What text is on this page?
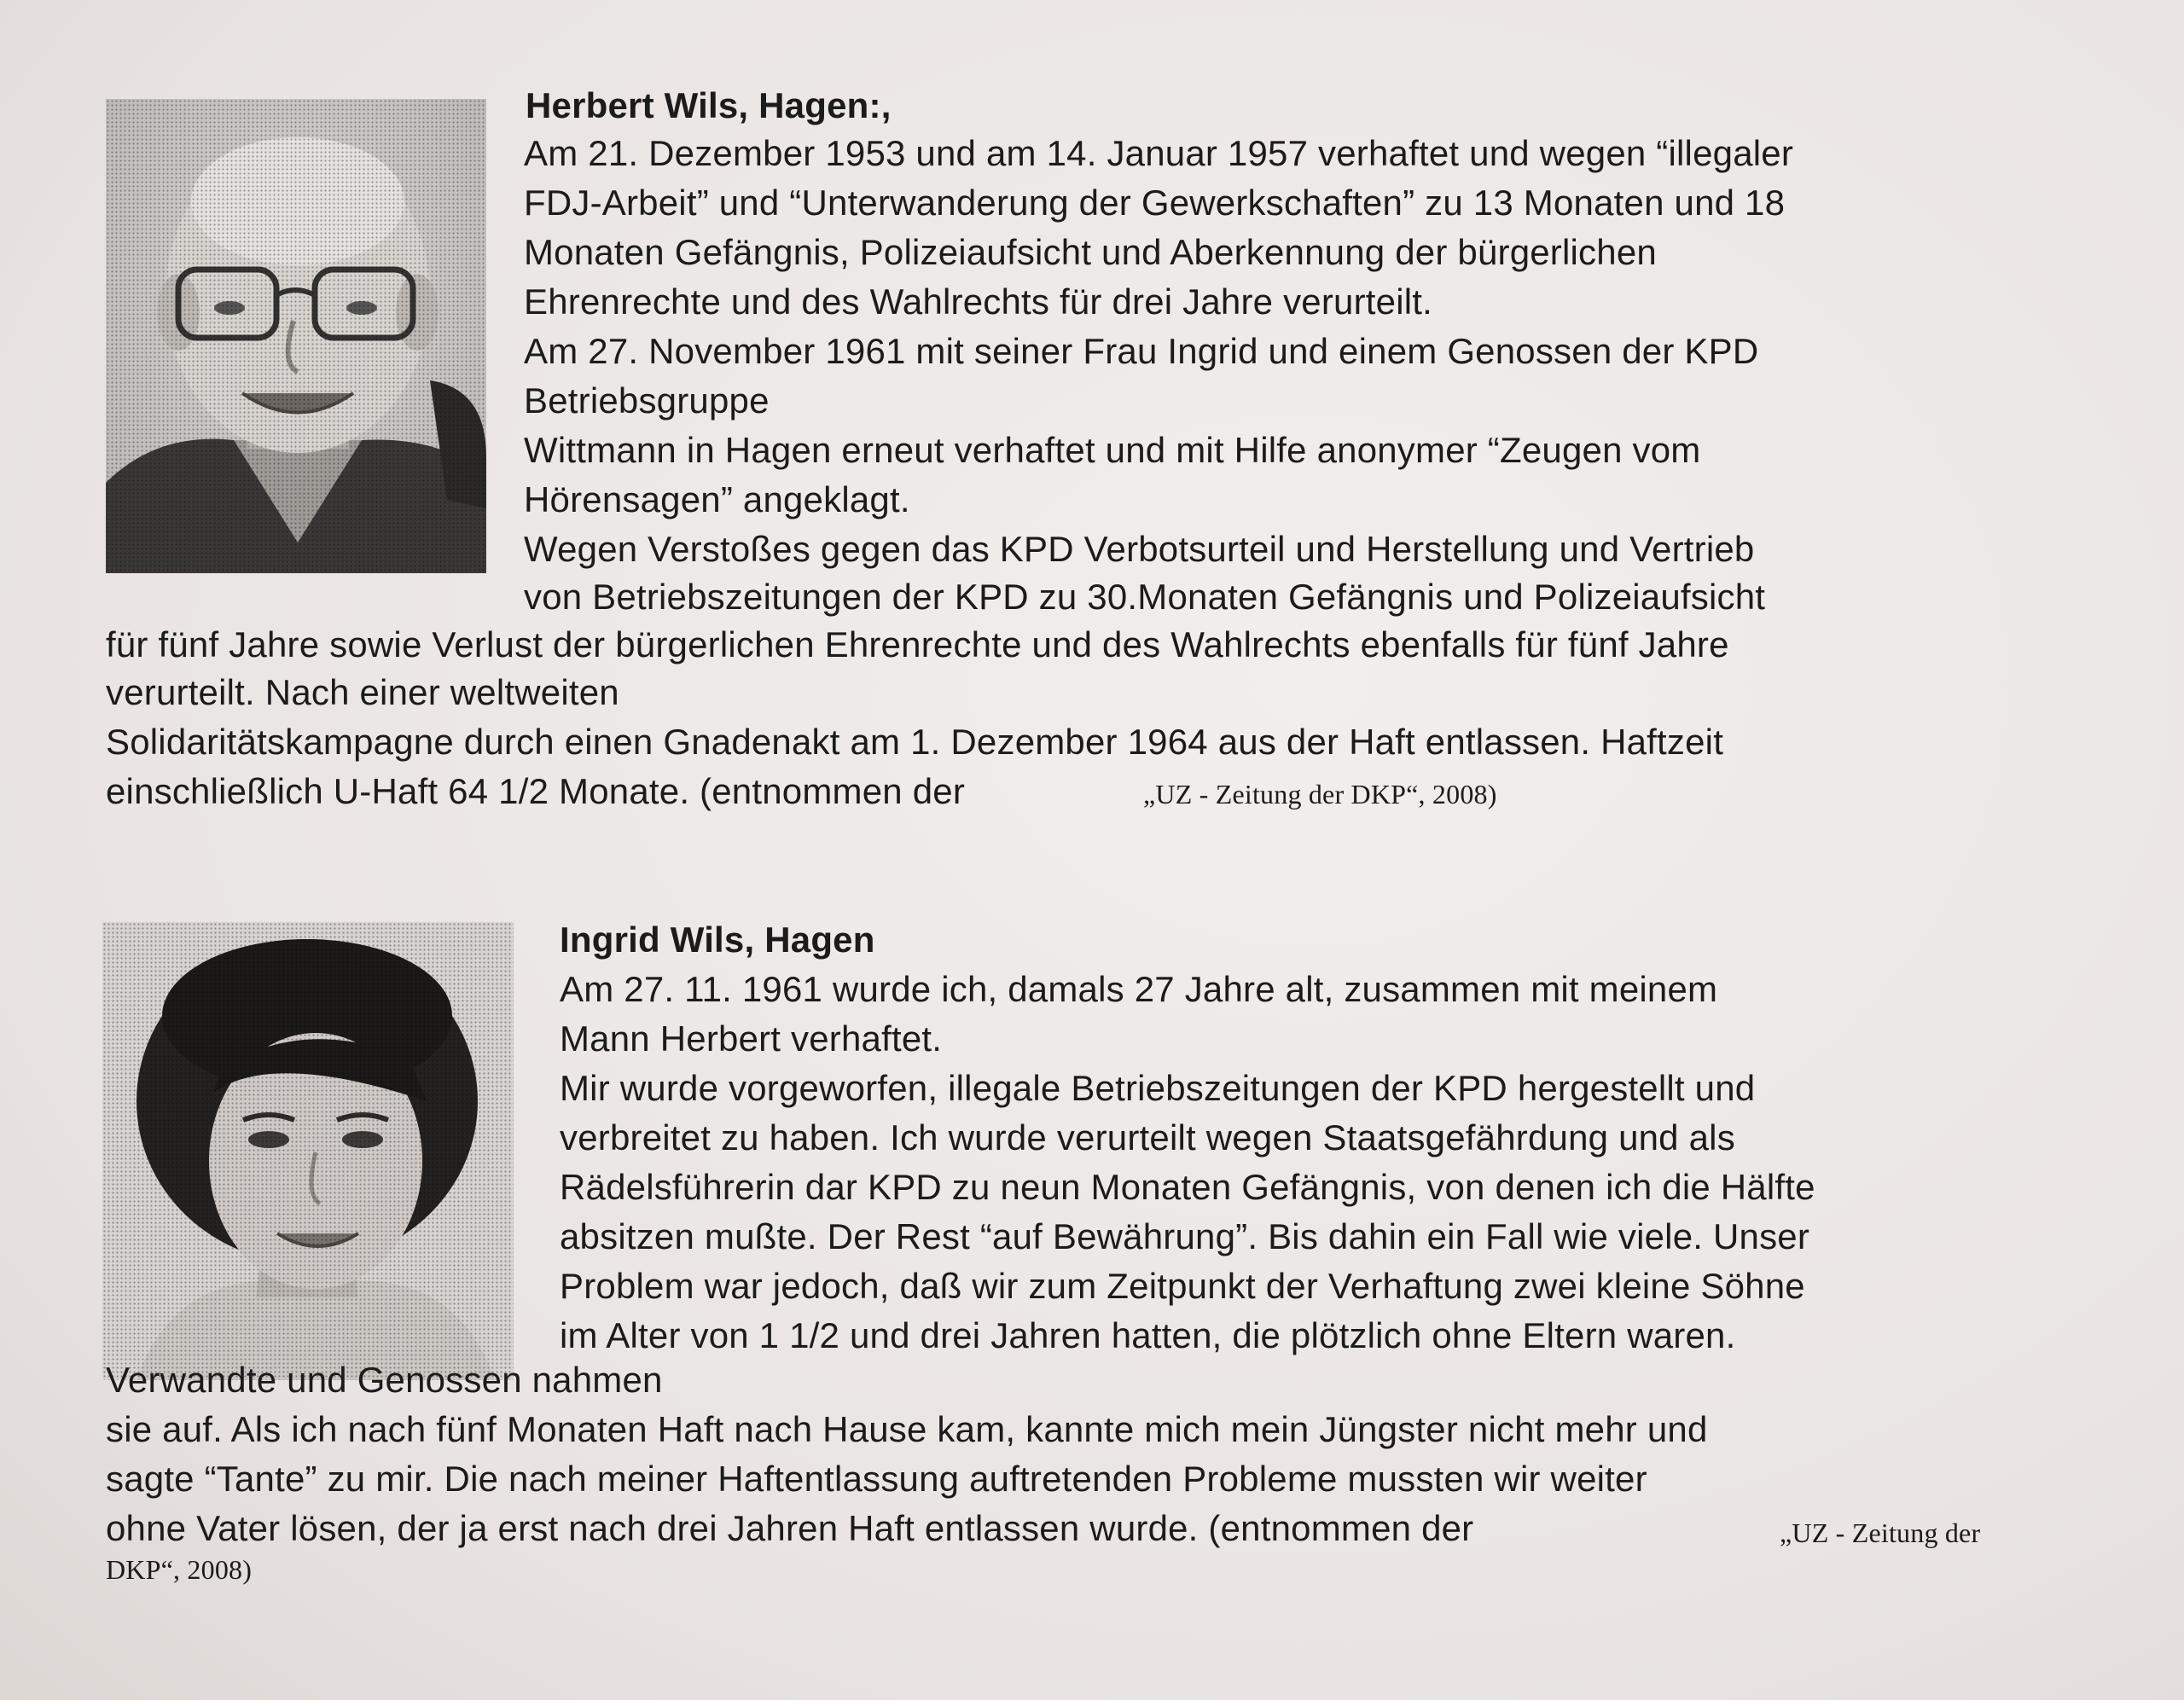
Herbert Wils, Hagen:,
Am 21. Dezember 1953 und am 14. Januar 1957 verhaftet und wegen “illegaler
FDJ-Arbeit” und “Unterwanderung der Gewerkschaften” zu 13 Monaten und 18
Monaten Gefängnis, Polizeiaufsicht und Aberkennung der bürgerlichen
Ehrenrechte und des Wahlrechts für drei Jahre verurteilt.
Am 27. November 1961 mit seiner Frau Ingrid und einem Genossen der KPD
Betriebsgruppe
Wittmann in Hagen erneut verhaftet und mit Hilfe anonymer “Zeugen vom
Hörensagen” angeklagt.
Wegen Verstoßes gegen das KPD Verbotsurteil und Herstellung und Vertrieb
von Betriebszeitungen der KPD zu 30.Monaten Gefängnis und Polizeiaufsicht
für fünf Jahre sowie Verlust der bürgerlichen Ehrenrechte und des Wahlrechts ebenfalls für fünf Jahre
verurteilt. Nach einer weltweiten
Solidaritätskampagne durch einen Gnadenakt am 1. Dezember 1964 aus der Haft entlassen. Haftzeit
einschließlich U-Haft 64 1/2 Monate. (entnommen der	„UZ - Zeitung der DKP“, 2008)
Ingrid Wils, Hagen
Am 27. 11. 1961 wurde ich, damals 27 Jahre alt, zusammen mit meinem
Mann Herbert verhaftet.
Mir wurde vorgeworfen, illegale Betriebszeitungen der KPD hergestellt und
verbreitet zu haben. Ich wurde verurteilt wegen Staatsgefährdung und als
Rädelsführerin dar KPD zu neun Monaten Gefängnis, von denen ich die Hälfte
absitzen mußte. Der Rest “auf Bewährung”. Bis dahin ein Fall wie viele. Unser
Problem war jedoch, daß wir zum Zeitpunkt der Verhaftung zwei kleine Söhne
im Alter von 1 1/2 und drei Jahren hatten, die plötzlich ohne Eltern waren.
Verwandte und Genossen nahmen
sie auf. Als ich nach fünf Monaten Haft nach Hause kam, kannte mich mein Jüngster nicht mehr und
sagte “Tante” zu mir. Die nach meiner Haftentlassung auftretenden Probleme mussten wir weiter
ohne Vater lösen, der ja erst nach drei Jahren Haft entlassen wurde. (entnommen der	„UZ - Zeitung der
DKP“, 2008)
